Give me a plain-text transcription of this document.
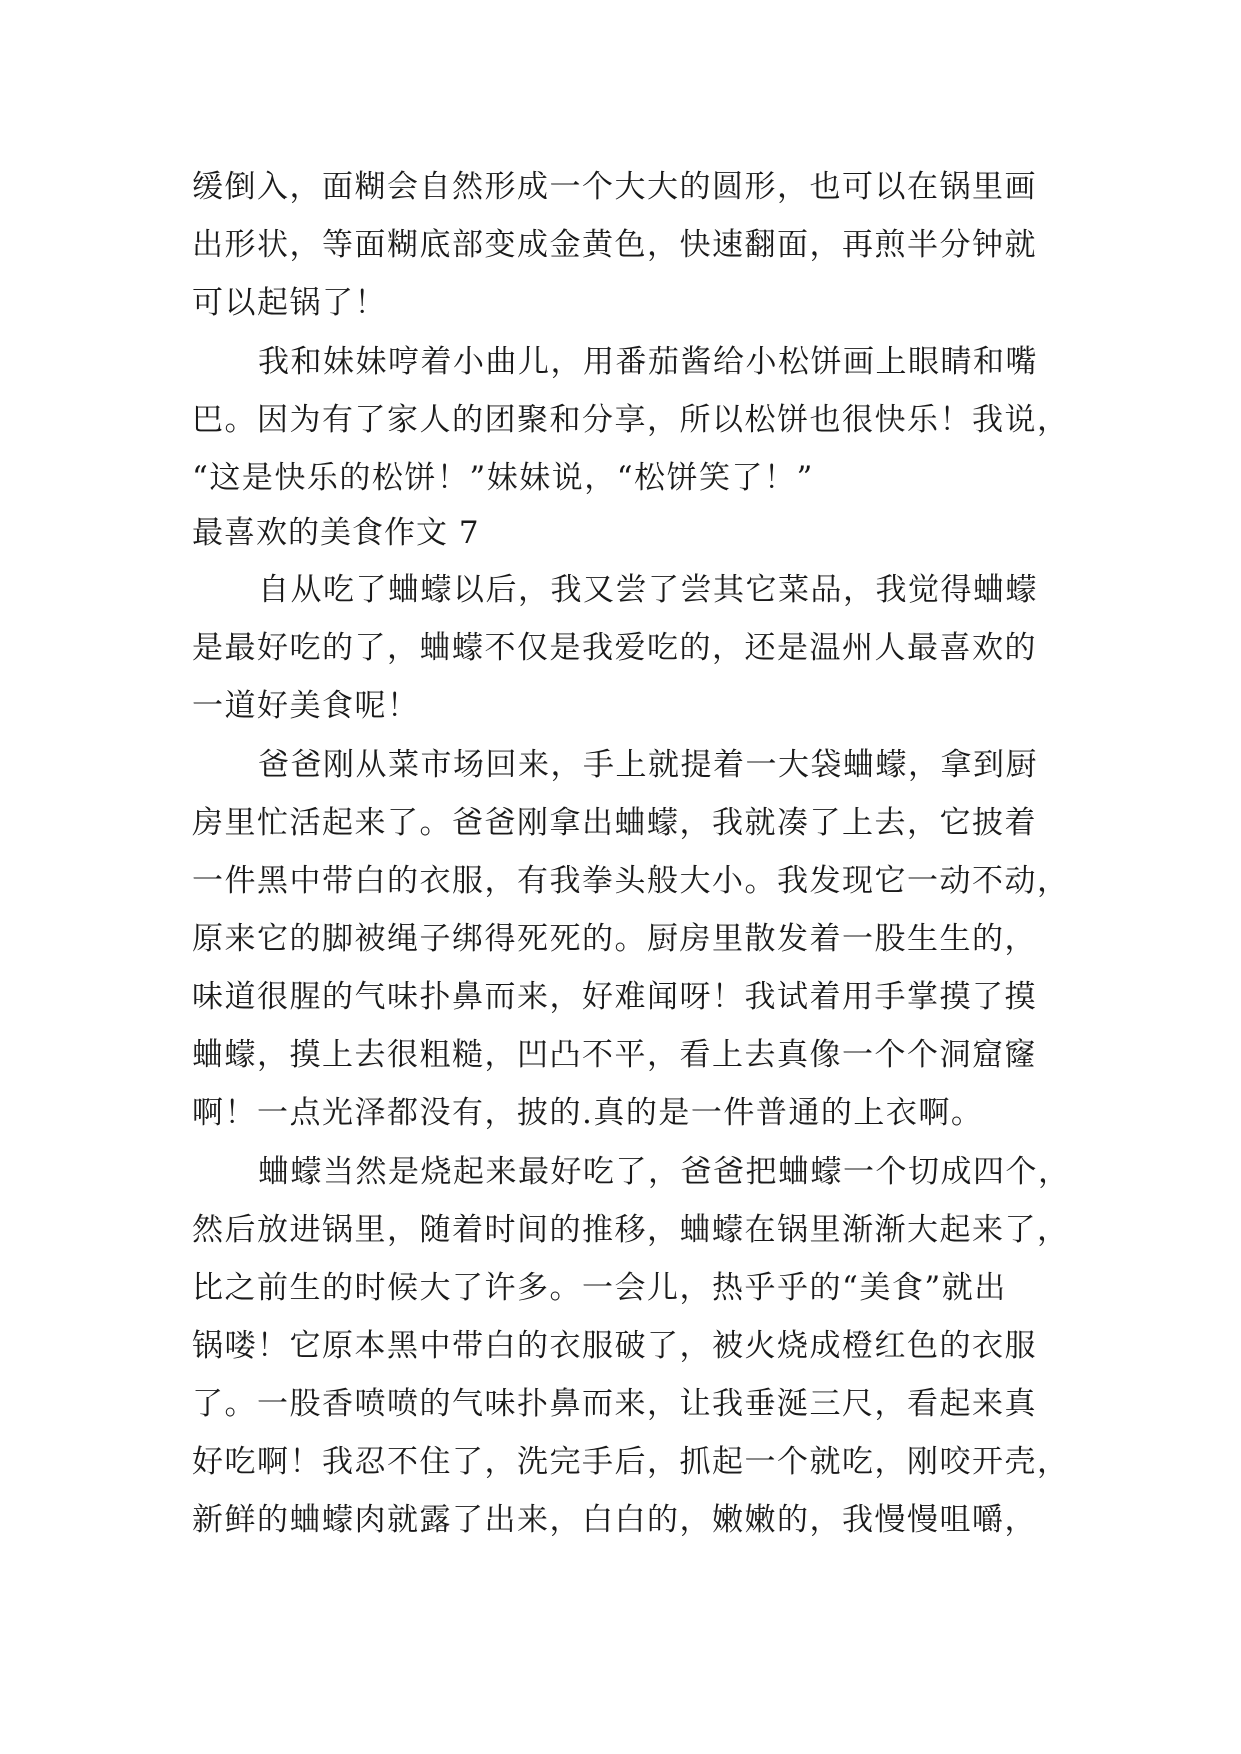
缓倒入，面糊会自然形成一个大大的圆形，也可以在锅里画
出形状，等面糊底部变成金黄色，快速翻面，再煎半分钟就
可以起锅了！
我和妹妹哼着小曲儿，用番茄酱给小松饼画上眼睛和嘴
巴。因为有了家人的团聚和分享，所以松饼也很快乐！我说，
“这是快乐的松饼！”妹妹说，“松饼笑了！”
最喜欢的美食作文 7
自从吃了蛐蠓以后，我又尝了尝其它菜品，我觉得蛐蠓
是最好吃的了，蛐蠓不仅是我爱吃的，还是温州人最喜欢的
一道好美食呢！
爸爸刚从菜市场回来，手上就提着一大袋蛐蠓，拿到厨
房里忙活起来了。爸爸刚拿出蛐蠓，我就凑了上去，它披着
一件黑中带白的衣服，有我拳头般大小。我发现它一动不动，
原来它的脚被绳子绑得死死的。厨房里散发着一股生生的，
味道很腥的气味扑鼻而来，好难闻呀！我试着用手掌摸了摸
蛐蠓，摸上去很粗糙，凹凸不平，看上去真像一个个洞窟窿
啊！一点光泽都没有，披的.真的是一件普通的上衣啊。
蛐蠓当然是烧起来最好吃了，爸爸把蛐蠓一个切成四个，
然后放进锅里，随着时间的推移，蛐蠓在锅里渐渐大起来了，
比之前生的时候大了许多。一会儿，热乎乎的“美食”就出
锅喽！它原本黑中带白的衣服破了，被火烧成橙红色的衣服
了。一股香喷喷的气味扑鼻而来，让我垂涎三尺，看起来真
好吃啊！我忍不住了，洗完手后，抓起一个就吃，刚咬开壳，
新鲜的蛐蠓肉就露了出来，白白的，嫩嫩的，我慢慢咀嚼，
